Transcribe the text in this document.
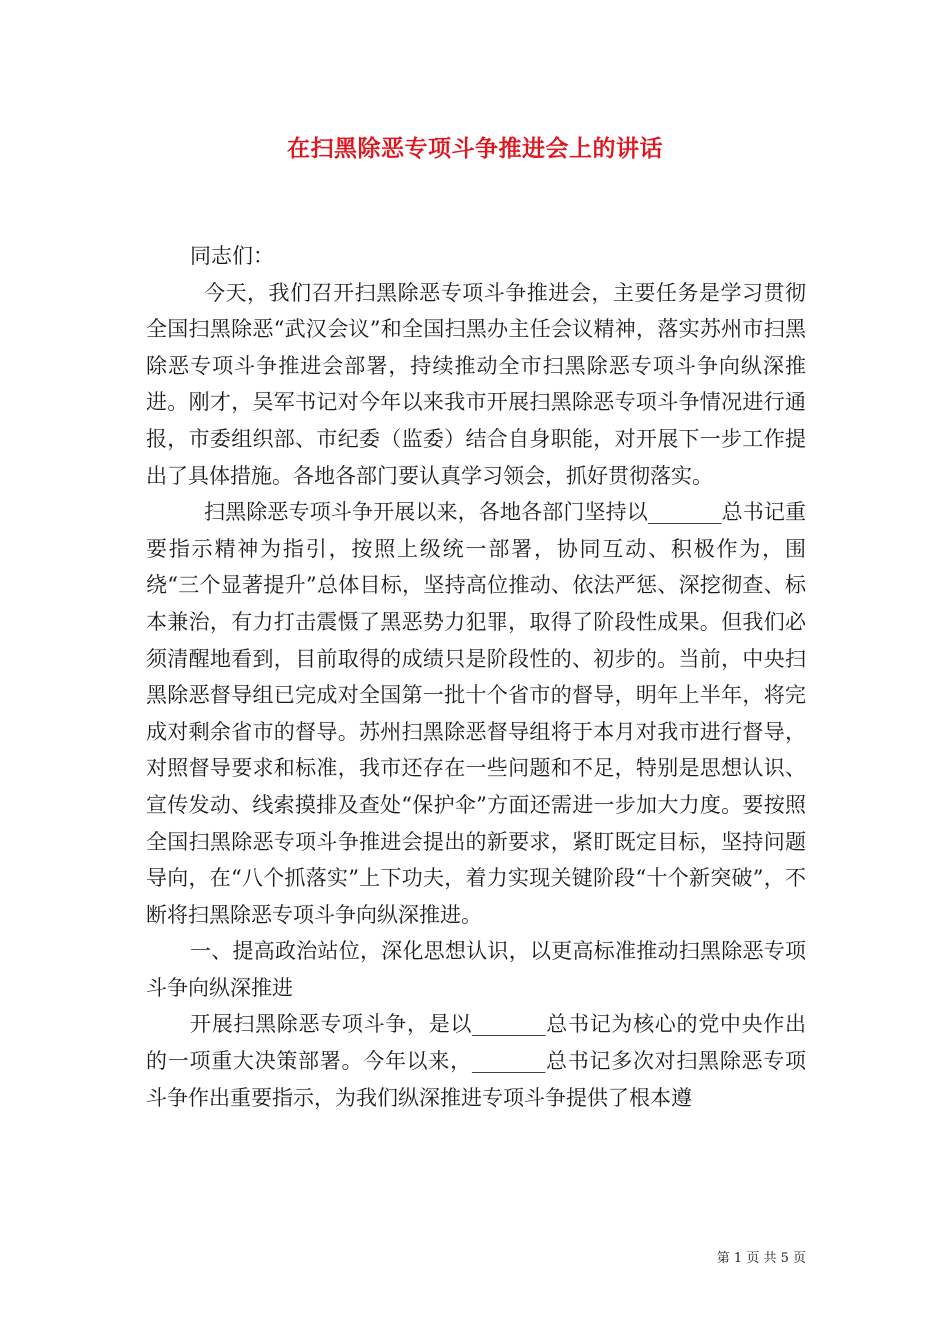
在扫黑除恶专项斗争推进会上的讲话

同志们：

今天，我们召开扫黑除恶专项斗争推进会，主要任务是学习贯彻全国扫黑除恶“武汉会议”和全国扫黑办主任会议精神，落实苏州市扫黑除恶专项斗争推进会部署，持续推动全市扫黑除恶专项斗争向纵深推进。刚才，吴军书记对今年以来我市开展扫黑除恶专项斗争情况进行通报，市委组织部、市纪委（监委）结合自身职能，对开展下一步工作提出了具体措施。各地各部门要认真学习领会，抓好贯彻落实。

扫黑除恶专项斗争开展以来，各地各部门坚持以_______总书记重要指示精神为指引，按照上级统一部署，协同互动、积极作为，围绕“三个显著提升”总体目标，坚持高位推动、依法严惩、深挖彻查、标本兼治，有力打击震慑了黑恶势力犯罪，取得了阶段性成果。但我们必须清醒地看到，目前取得的成绩只是阶段性的、初步的。当前，中央扫黑除恶督导组已完成对全国第一批十个省市的督导，明年上半年，将完成对剩余省市的督导。苏州扫黑除恶督导组将于本月对我市进行督导，对照督导要求和标准，我市还存在一些问题和不足，特别是思想认识、宣传发动、线索摸排及查处“保护伞”方面还需进一步加大力度。要按照全国扫黑除恶专项斗争推进会提出的新要求，紧盯既定目标，坚持问题导向，在“八个抓落实”上下功夫，着力实现关键阶段“十个新突破”，不断将扫黑除恶专项斗争向纵深推进。

一、提高政治站位，深化思想认识，以更高标准推动扫黑除恶专项斗争向纵深推进

开展扫黑除恶专项斗争，是以_______总书记为核心的党中央作出的一项重大决策部署。今年以来，_______总书记多次对扫黑除恶专项斗争作出重要指示，为我们纵深推进专项斗争提供了根本遵

第 1 页 共 5 页
